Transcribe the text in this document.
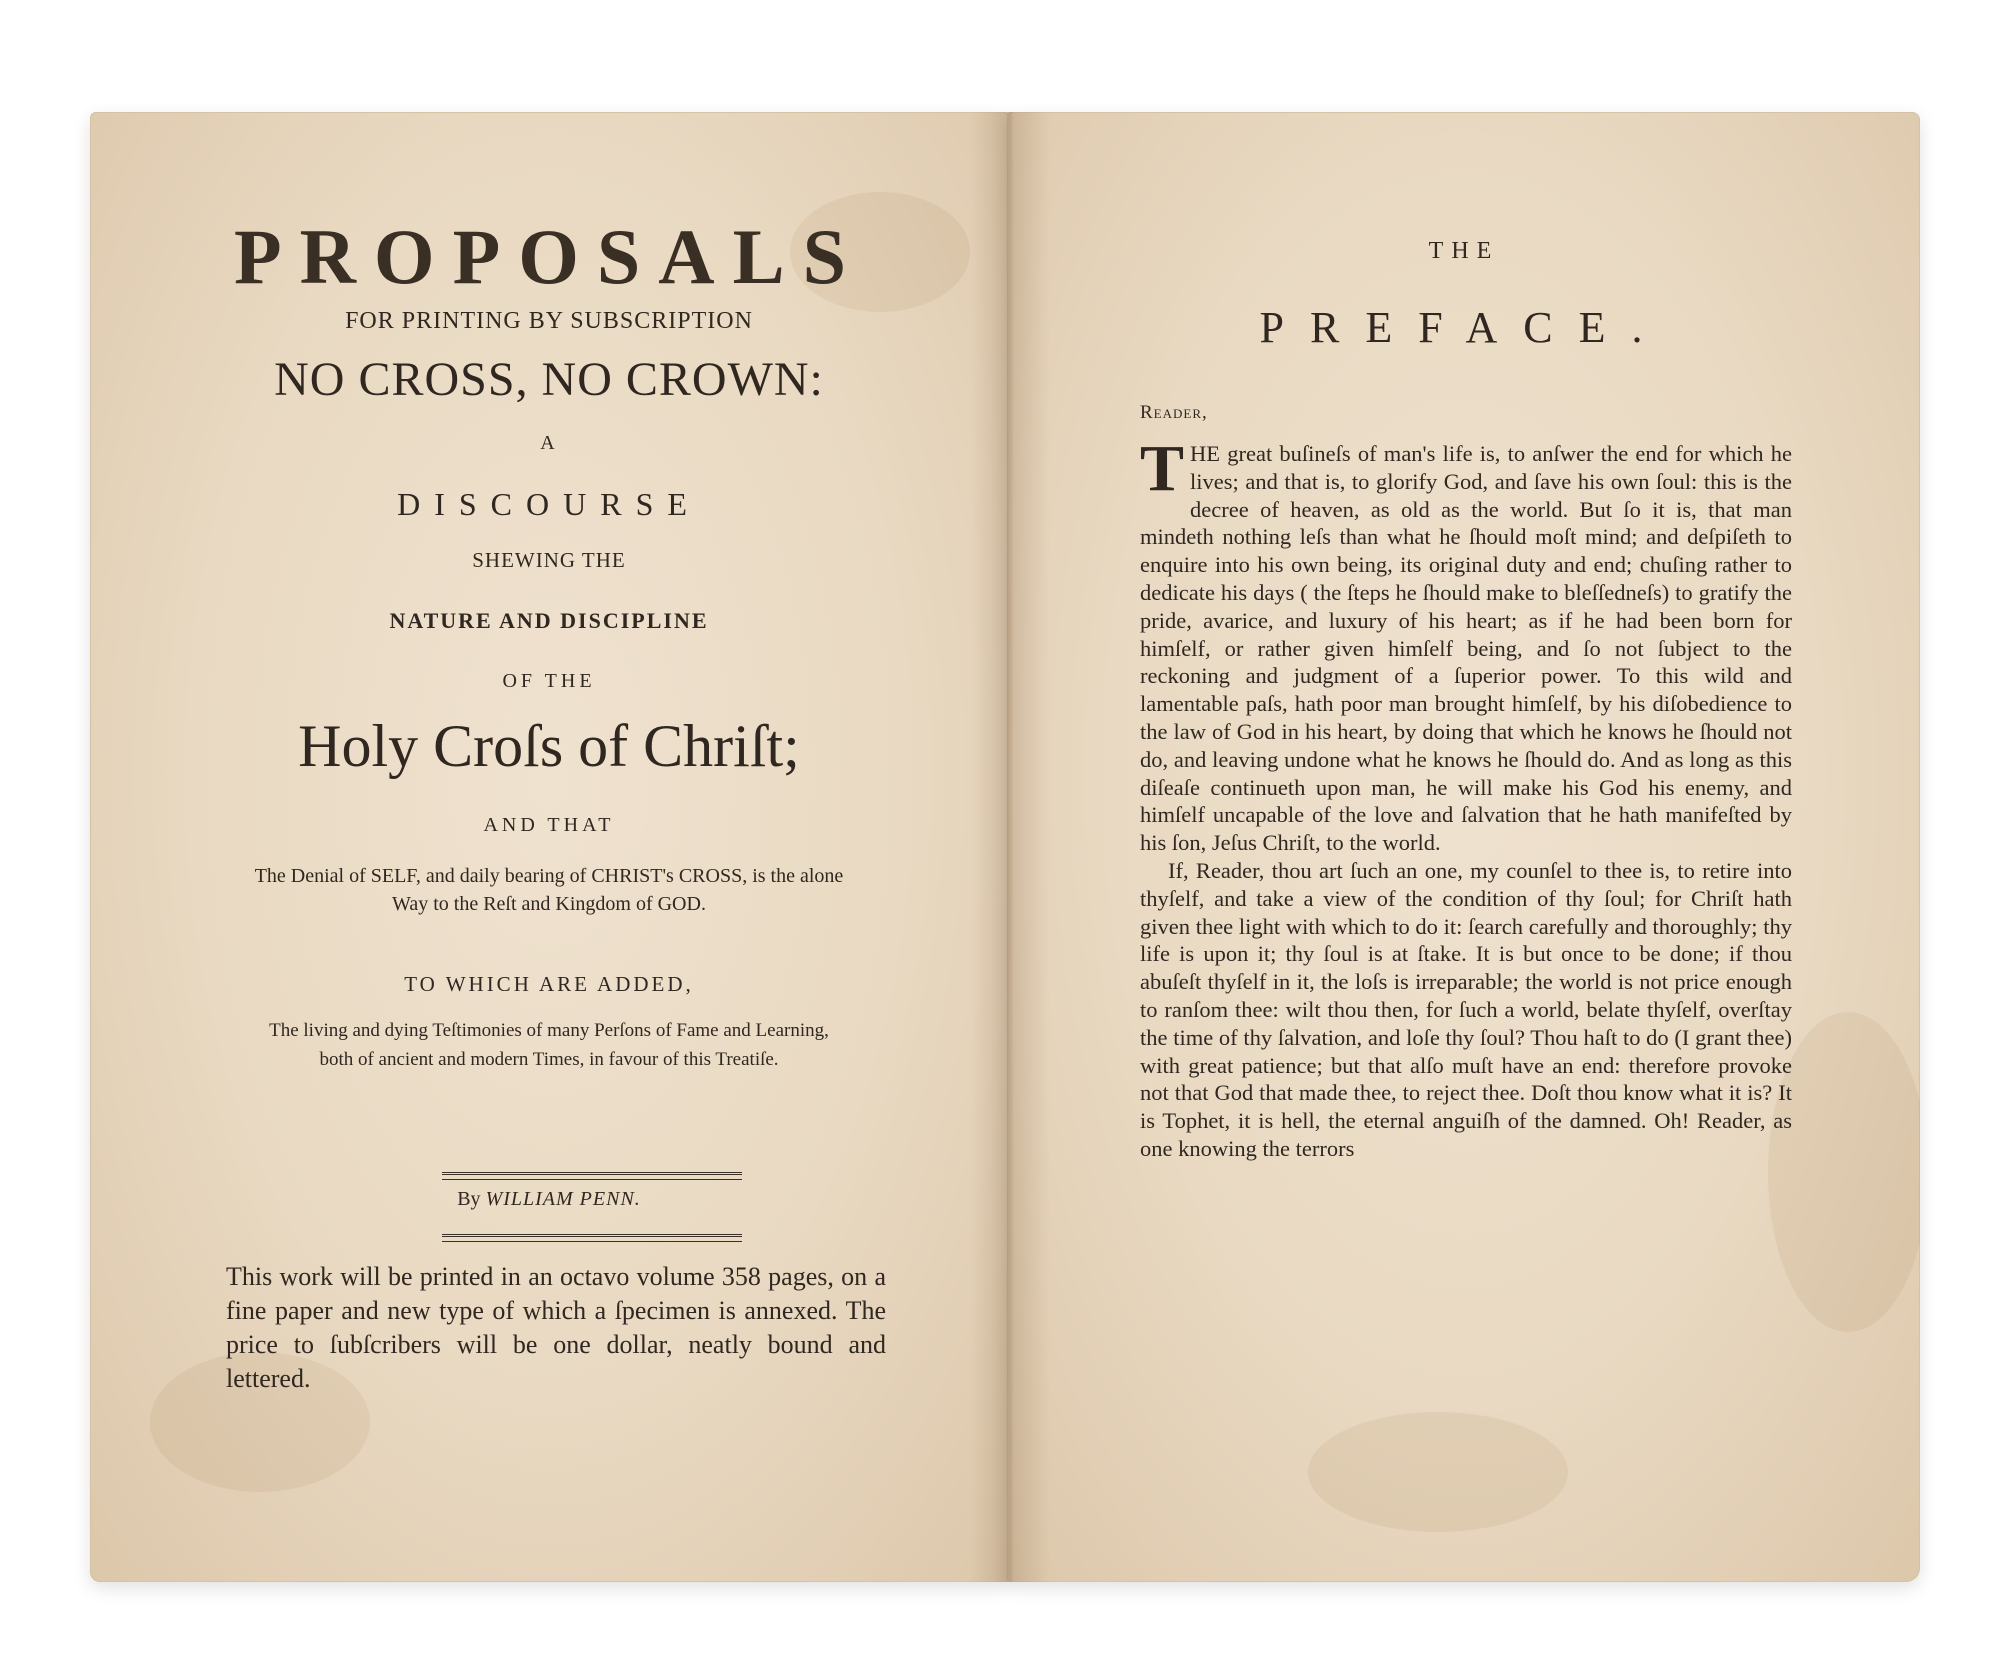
PROPOSALS
FOR PRINTING BY SUBSCRIPTION
NO CROSS, NO CROWN:
A
DISCOURSE
SHEWING THE
NATURE AND DISCIPLINE
OF THE
Holy Croſs of Chriſt;
AND THAT
The Denial of SELF, and daily bearing of CHRIST's CROSS, is the alone Way to the Reſt and Kingdom of GOD.
TO WHICH ARE ADDED,
The living and dying Teſtimonies of many Perſons of Fame and Learning, both of ancient and modern Times, in favour of this Treatiſe.
By WILLIAM PENN.
This work will be printed in an octavo volume 358 pages, on a fine paper and new type of which a ſpecimen is annexed. The price to ſubſcribers will be one dollar, neatly bound and lettered.
THE
PREFACE.
Reader,

THE great buſineſs of man's life is, to anſwer the end for which he lives; and that is, to glorify God, and ſave his own ſoul: this is the decree of heaven, as old as the world. But ſo it is, that man mindeth nothing leſs than what he ſhould moſt mind; and deſpiſeth to enquire into his own being, its original duty and end; chuſing rather to dedicate his days ( the ſteps he ſhould make to bleſſedneſs) to gratify the pride, avarice, and luxury of his heart; as if he had been born for himſelf, or rather given himſelf being, and ſo not ſubject to the reckoning and judgment of a ſuperior power. To this wild and lamentable paſs, hath poor man brought himſelf, by his diſobedience to the law of God in his heart, by doing that which he knows he ſhould not do, and leaving undone what he knows he ſhould do. And as long as this diſeaſe continueth upon man, he will make his God his enemy, and himſelf uncapable of the love and ſalvation that he hath manifeſted by his ſon, Jeſus Chriſt, to the world.

If, Reader, thou art ſuch an one, my counſel to thee is, to retire into thyſelf, and take a view of the condition of thy ſoul; for Chriſt hath given thee light with which to do it: ſearch carefully and thoroughly; thy life is upon it; thy ſoul is at ſtake. It is but once to be done; if thou abuſeſt thyſelf in it, the loſs is irreparable; the world is not price enough to ranſom thee: wilt thou then, for ſuch a world, belate thyſelf, overſtay the time of thy ſalvation, and loſe thy ſoul? Thou haſt to do (I grant thee) with great patience; but that alſo muſt have an end: therefore provoke not that God that made thee, to reject thee. Doſt thou know what it is? It is Tophet, it is hell, the eternal anguiſh of the damned. Oh! Reader, as one knowing the terrors
